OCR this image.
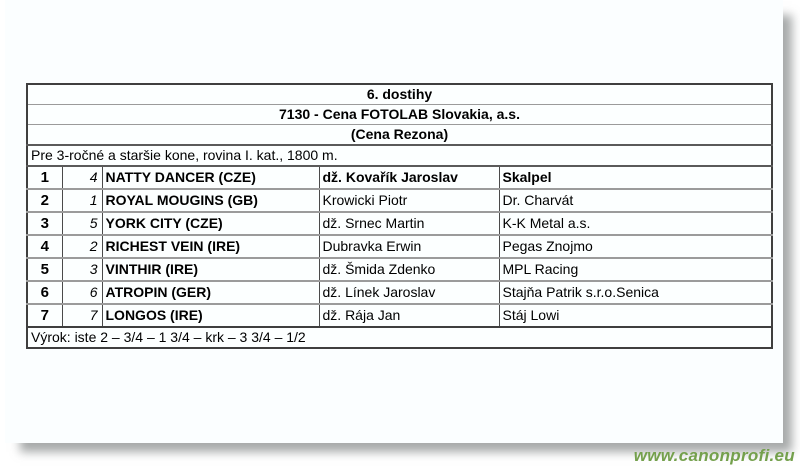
6. dostihy				
7130 - Cena FOTOLAB Slovakia, a.s.				
(Cena Rezona)				
Pre 3-ročné a staršie kone, rovina I. kat., 1800 m.				
1	4	NATTY DANCER (CZE)	dž. Kovařík Jaroslav	Skalpel
2	1	ROYAL MOUGINS (GB)	Krowicki Piotr	Dr. Charvát
3	5	YORK CITY (CZE)	dž. Srnec Martin	K-K Metal a.s.
4	2	RICHEST VEIN (IRE)	Dubravka Erwin	Pegas Znojmo
5	3	VINTHIR (IRE)	dž. Šmida Zdenko	MPL Racing
6	6	ATROPIN (GER)	dž. Línek Jaroslav	Stajňa Patrik s.r.o.Senica
7	7	LONGOS (IRE)	dž. Rája Jan	Stáj Lowi
Výrok: iste 2 – 3/4 – 1 3/4 – krk – 3 3/4 – 1/2				
www.canonprofi.eu
